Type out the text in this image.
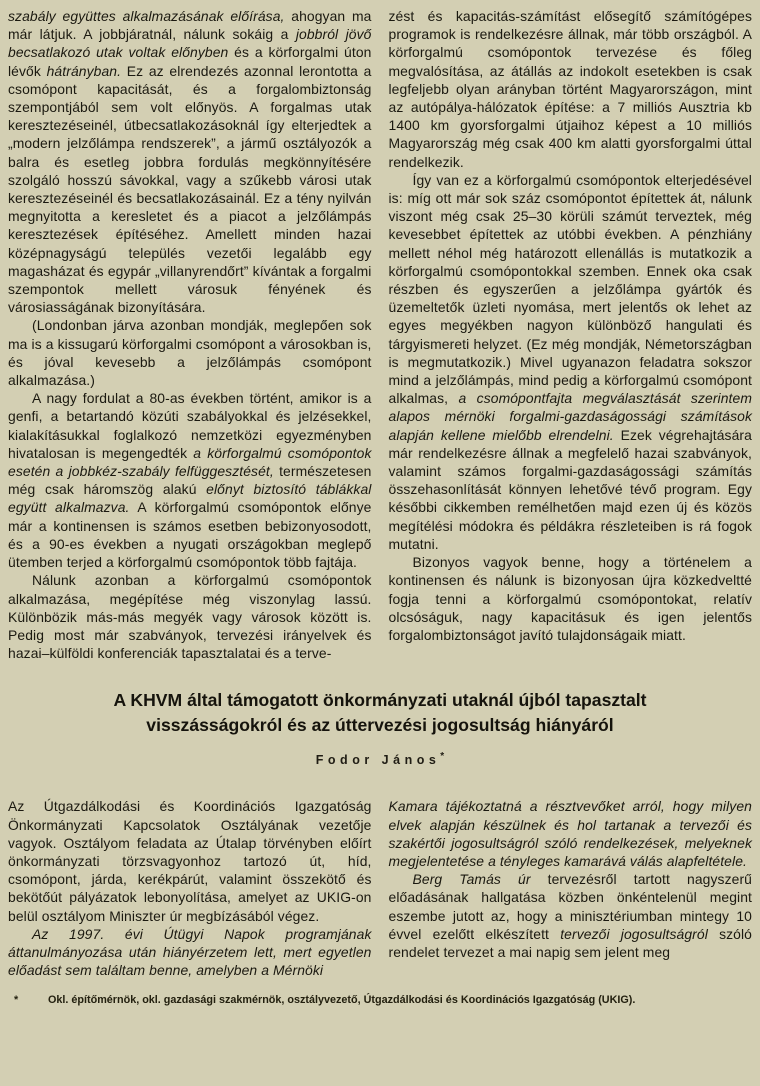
szabály együttes alkalmazásának előírása, ahogyan ma már látjuk. A jobbjáratnál, nálunk sokáig a jobbról jövő becsatlakozó utak voltak előnyben és a körforgalmi úton lévők hátrányban. Ez az elrendezés azonnal lerontotta a csomópont kapacitását, és a forgalombiztonság szempontjából sem volt előnyös. A forgalmas utak keresztezéseinél, útbecsatlakozásoknál így elterjedtek a „modern jelzőlámpa rendszerek”, a jármű osztályozók a balra és esetleg jobbra fordulás megkönnyítésére szolgáló hosszú sávokkal, vagy a szűkebb városi utak keresztezéseinél és becsatlakozásainál. Ez a tény nyilván megnyitotta a keresletet és a piacot a jelzőlámpás keresztezések építéséhez. Amellett minden hazai középnagyságú település vezetői legalább egy magasházat és egypár „villanyrendőrt” kívántak a forgalmi szempontok mellett városuk fényének és városiasságának bizonyítására.

(Londonban járva azonban mondják, meglepően sok ma is a kissugarú körforgalmi csomópont a városokban is, és jóval kevesebb a jelzőlámpás csomópont alkalmazása.)

A nagy fordulat a 80-as években történt, amikor is a genfi, a betartandó közúti szabályokkal és jelzésekkel, kialakításukkal foglalkozó nemzetközi egyezményben hivatalosan is megengedték a körforgalmú csomópontok esetén a jobbkéz-szabály felfüggesztését, természetesen még csak háromszög alakú előnyt biztosító táblákkal együtt alkalmazva. A körforgalmú csomópontok előnye már a kontinensen is számos esetben bebizonyosodott, és a 90-es években a nyugati országokban meglepő ütemben terjed a körforgalmú csomópontok több fajtája.

Nálunk azonban a körforgalmú csomópontok alkalmazása, megépítése még viszonylag lassú. Különbözik más-más megyék vagy városok között is. Pedig most már szabványok, tervezési irányelvek és hazai–külföldi konferenciák tapasztalatai és a terve-

zést és kapacitás-számítást elősegítő számítógépes programok is rendelkezésre állnak, már több országból. A körforgalmú csomópontok tervezése és főleg megvalósítása, az átállás az indokolt esetekben is csak legfeljebb olyan arányban történt Magyarországon, mint az autópálya-hálózatok építése: a 7 milliós Ausztria kb 1400 km gyorsforgalmi útjaihoz képest a 10 milliós Magyarország még csak 400 km alatti gyorsforgalmi úttal rendelkezik.

Így van ez a körforgalmú csomópontok elterjedésével is: míg ott már sok száz csomópontot építettek át, nálunk viszont még csak 25–30 körüli számút terveztek, még kevesebbet építettek az utóbbi években. A pénzhiány mellett néhol még határozott ellenállás is mutatkozik a körforgalmú csomópontokkal szemben. Ennek oka csak részben és egyszerűen a jelzőlámpa gyártók és üzemeltetők üzleti nyomása, mert jelentős ok lehet az egyes megyékben nagyon különböző hangulati és tárgyismereti helyzet. (Ez még mondják, Németországban is megmutatkozik.) Mivel ugyanazon feladatra sokszor mind a jelzőlámpás, mind pedig a körforgalmú csomópont alkalmas, a csomópontfajta megválasztását szerintem alapos mérnöki forgalmi-gazdaságossági számítások alapján kellene mielőbb elrendelni. Ezek végrehajtására már rendelkezésre állnak a megfelelő hazai szabványok, valamint számos forgalmi-gazdaságossági számítás összehasonlítását könnyen lehetővé tévő program. Egy későbbi cikkemben remélhetően majd ezen új és közös megítélési módokra és példákra részleteiben is rá fogok mutatni.

Bizonyos vagyok benne, hogy a történelem a kontinensen és nálunk is bizonyosan újra közkedveltté fogja tenni a körforgalmú csomópontokat, relatív olcsóságuk, nagy kapacitásuk és igen jelentős forgalombiztonságot javító tulajdonságaik miatt.

A KHVM által támogatott önkormányzati utaknál újból tapasztalt
visszásságokról és az úttervezési jogosultság hiányáról
Fodor János*

Az Útgazdálkodási és Koordinációs Igazgatóság Önkormányzati Kapcsolatok Osztályának vezetője vagyok. Osztályom feladata az Útalap törvényben előírt önkormányzati törzsvagyonhoz tartozó út, híd, csomópont, járda, kerékpárút, valamint összekötő és bekötőút pályázatok lebonyolítása, amelyet az UKIG-on belül osztályom Miniszter úr megbízásából végez.

Az 1997. évi Útügyi Napok programjának áttanulmányozása után hiányérzetem lett, mert egyetlen előadást sem találtam benne, amelyben a Mérnöki

Kamara tájékoztatná a résztvevőket arról, hogy milyen elvek alapján készülnek és hol tartanak a tervezői és szakértői jogosultságról szóló rendelkezések, melyeknek megjelentetése a tényleges kamarává válás alapfeltétele.

Berg Tamás úr tervezésről tartott nagyszerű előadásának hallgatása közben önkéntelenül megint eszembe jutott az, hogy a minisztériumban mintegy 10 évvel ezelőtt elkészített tervezői jogosultságról szóló rendelet tervezet a mai napig sem jelent meg

*	Okl. építőmérnök, okl. gazdasági szakmérnök, osztályvezető, Útgazdálkodási és Koordinációs Igazgatóság (UKIG).
